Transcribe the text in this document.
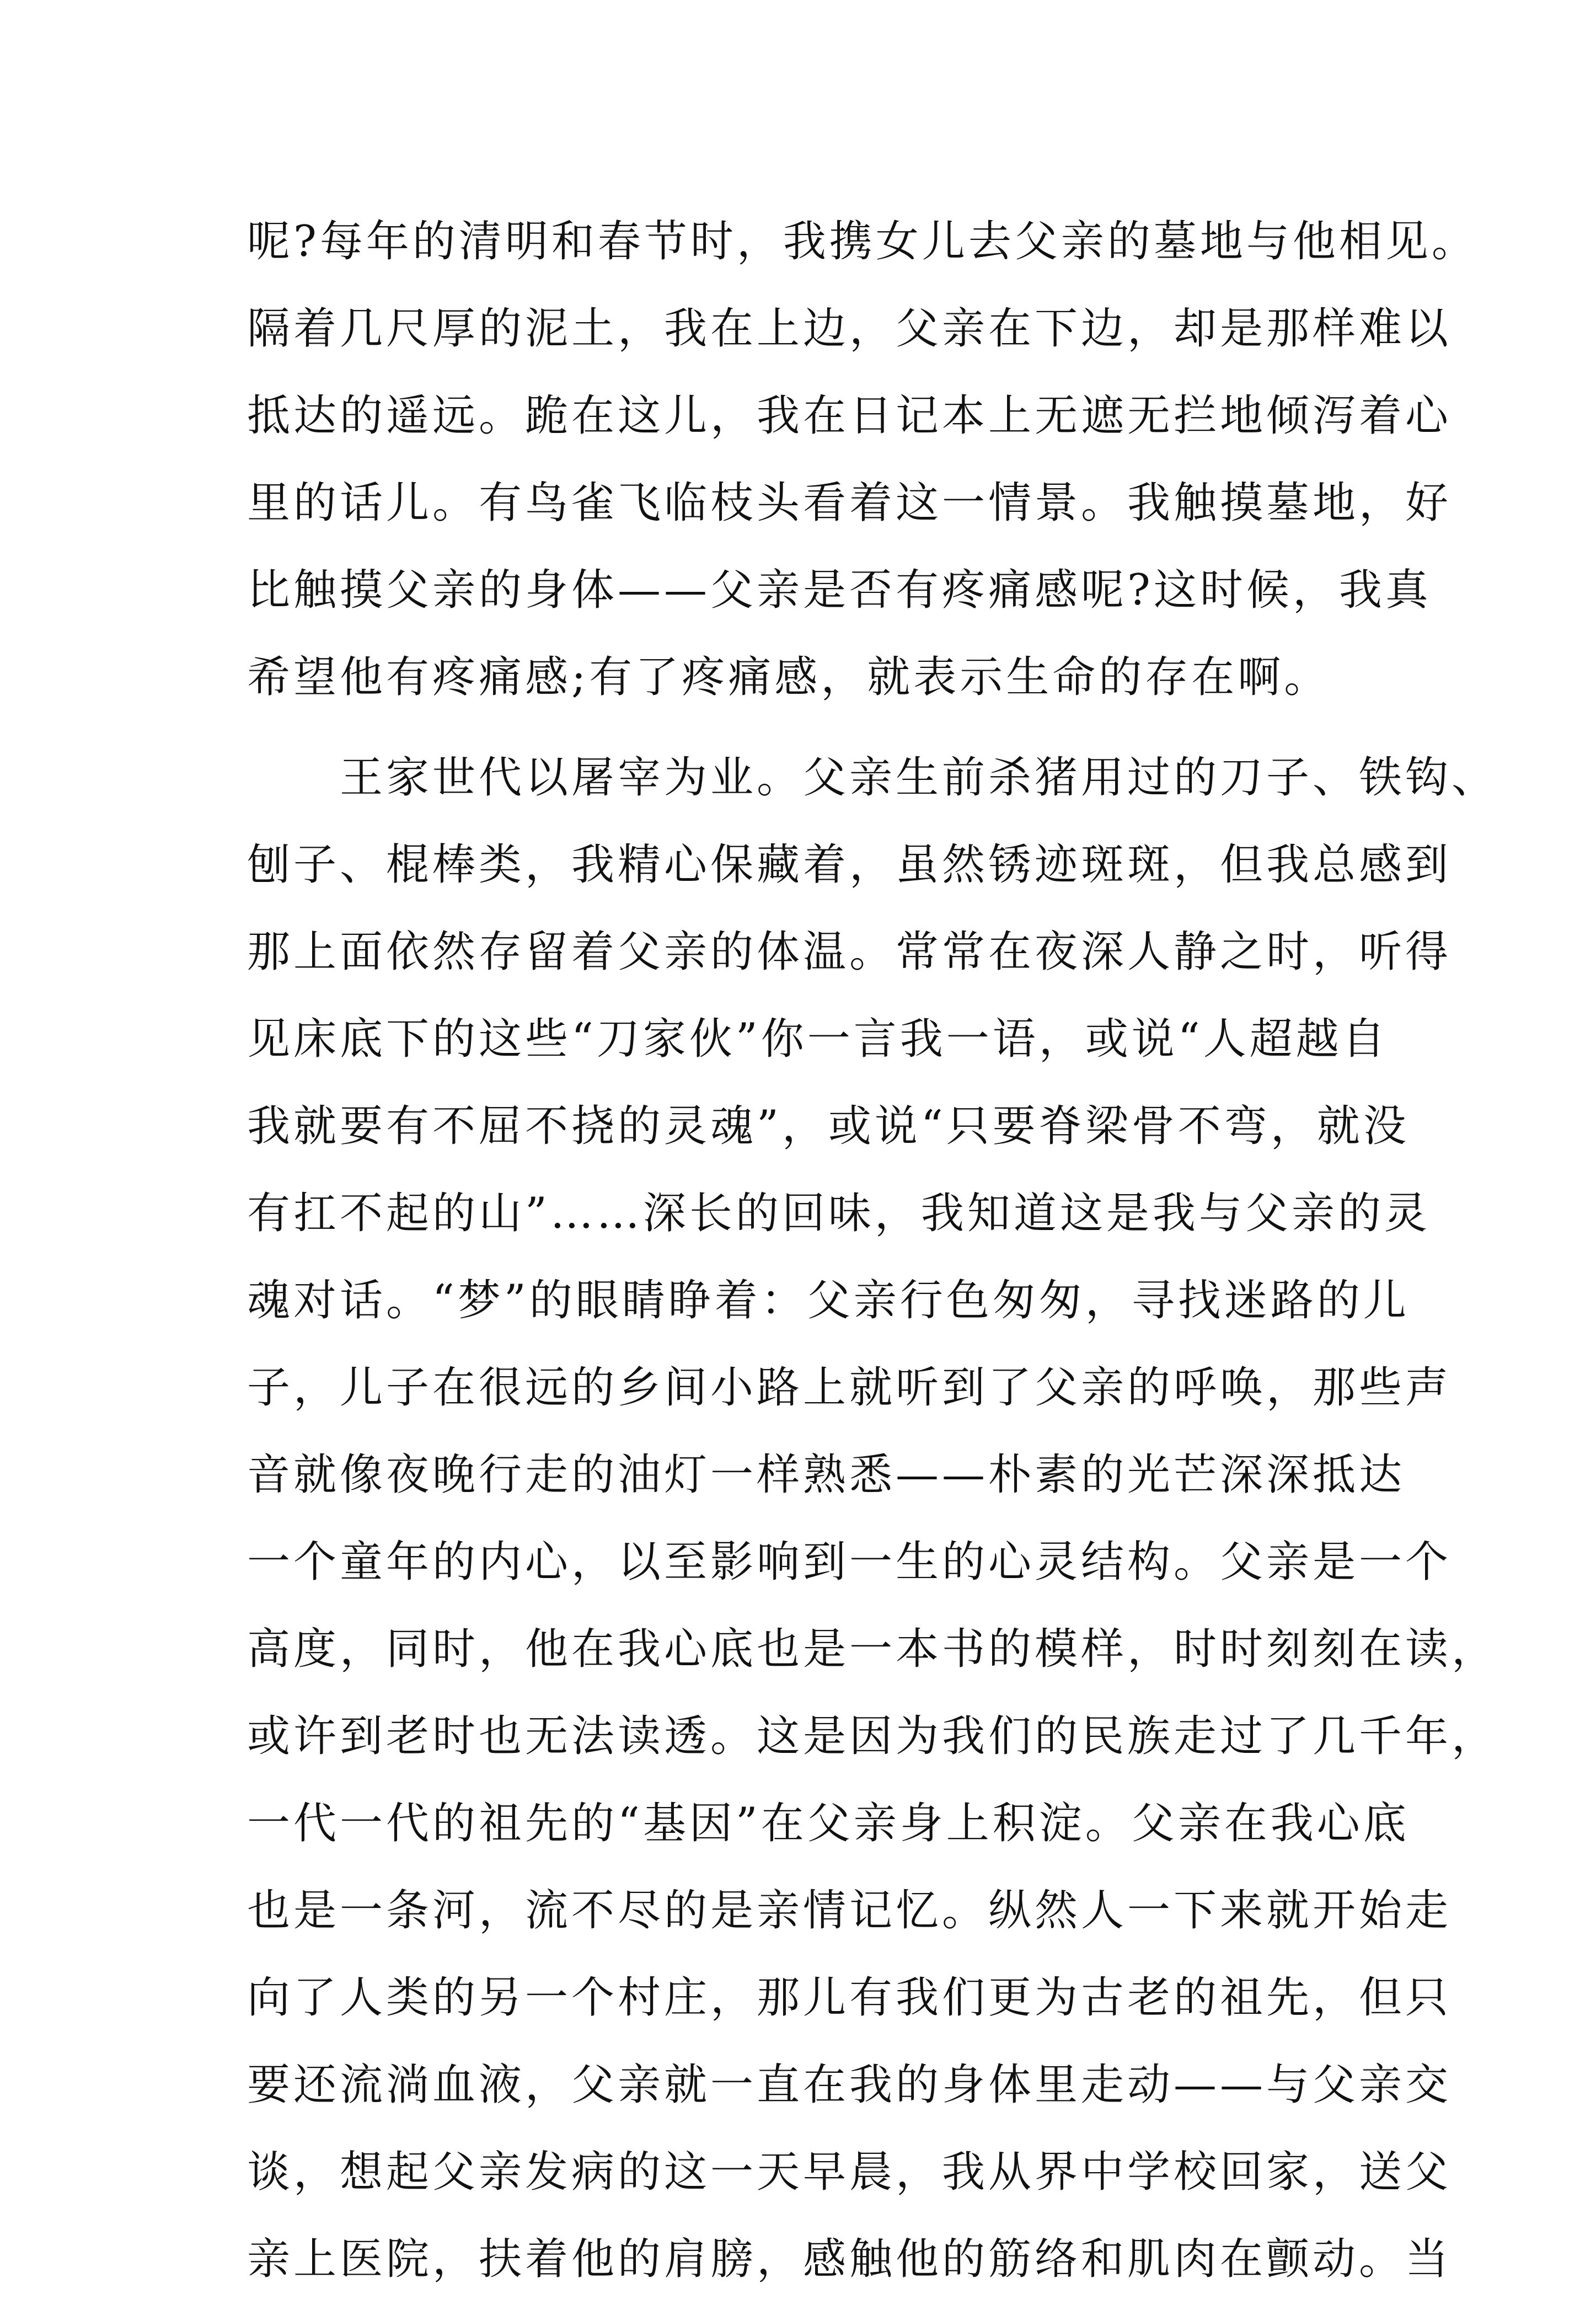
呢?每年的清明和春节时，我携女儿去父亲的墓地与他相见。
隔着几尺厚的泥土，我在上边，父亲在下边，却是那样难以
抵达的遥远。跪在这儿，我在日记本上无遮无拦地倾泻着心
里的话儿。有鸟雀飞临枝头看着这一情景。我触摸墓地，好
比触摸父亲的身体——父亲是否有疼痛感呢?这时候，我真
希望他有疼痛感;有了疼痛感，就表示生命的存在啊。
　　王家世代以屠宰为业。父亲生前杀猪用过的刀子、铁钩、
刨子、棍棒类，我精心保藏着，虽然锈迹斑斑，但我总感到
那上面依然存留着父亲的体温。常常在夜深人静之时，听得
见床底下的这些“刀家伙”你一言我一语，或说“人超越自
我就要有不屈不挠的灵魂”，或说“只要脊梁骨不弯，就没
有扛不起的山”……深长的回味，我知道这是我与父亲的灵
魂对话。“梦”的眼睛睁着：父亲行色匆匆，寻找迷路的儿
子，儿子在很远的乡间小路上就听到了父亲的呼唤，那些声
音就像夜晚行走的油灯一样熟悉——朴素的光芒深深抵达
一个童年的内心，以至影响到一生的心灵结构。父亲是一个
高度，同时，他在我心底也是一本书的模样，时时刻刻在读，
或许到老时也无法读透。这是因为我们的民族走过了几千年，
一代一代的祖先的“基因”在父亲身上积淀。父亲在我心底
也是一条河，流不尽的是亲情记忆。纵然人一下来就开始走
向了人类的另一个村庄，那儿有我们更为古老的祖先，但只
要还流淌血液，父亲就一直在我的身体里走动——与父亲交
谈，想起父亲发病的这一天早晨，我从界中学校回家，送父
亲上医院，扶着他的肩膀，感触他的筋络和肌肉在颤动。当
